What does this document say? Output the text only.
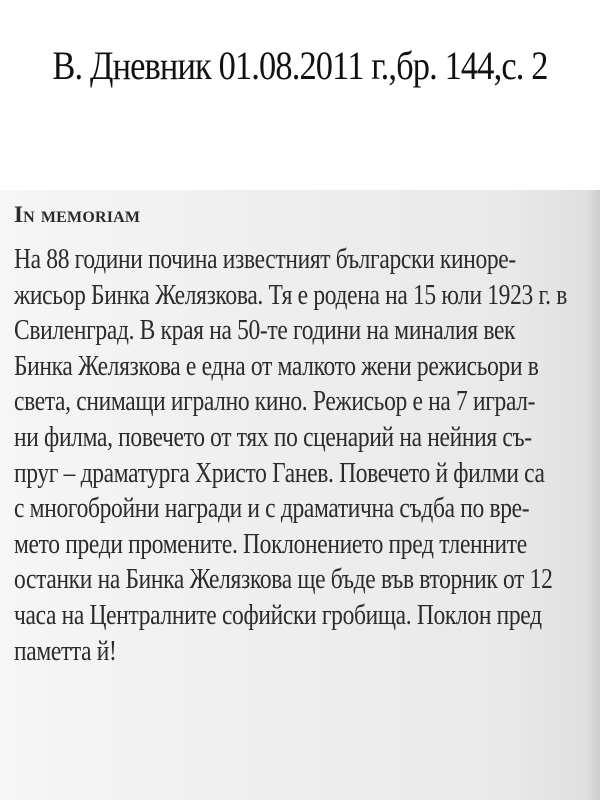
В. Дневник 01.08.2011 г.,бр. 144,с. 2
In memoriam
На 88 години почина известният български киноре-
жисьор Бинка Желязкова. Тя е родена на 15 юли 1923 г. в
Свиленград. В края на 50-те години на миналия век
Бинка Желязкова е една от малкото жени режисьори в
света, снимащи игрално кино. Режисьор е на 7 играл-
ни филма, повечето от тях по сценарий на нейния съ-
пруг – драматурга Христо Ганев. Повечето й филми са
с многобройни награди и с драматична съдба по вре-
мето преди промените. Поклонението пред тленните
останки на Бинка Желязкова ще бъде във вторник от 12
часа на Централните софийски гробища. Поклон пред
паметта й!
